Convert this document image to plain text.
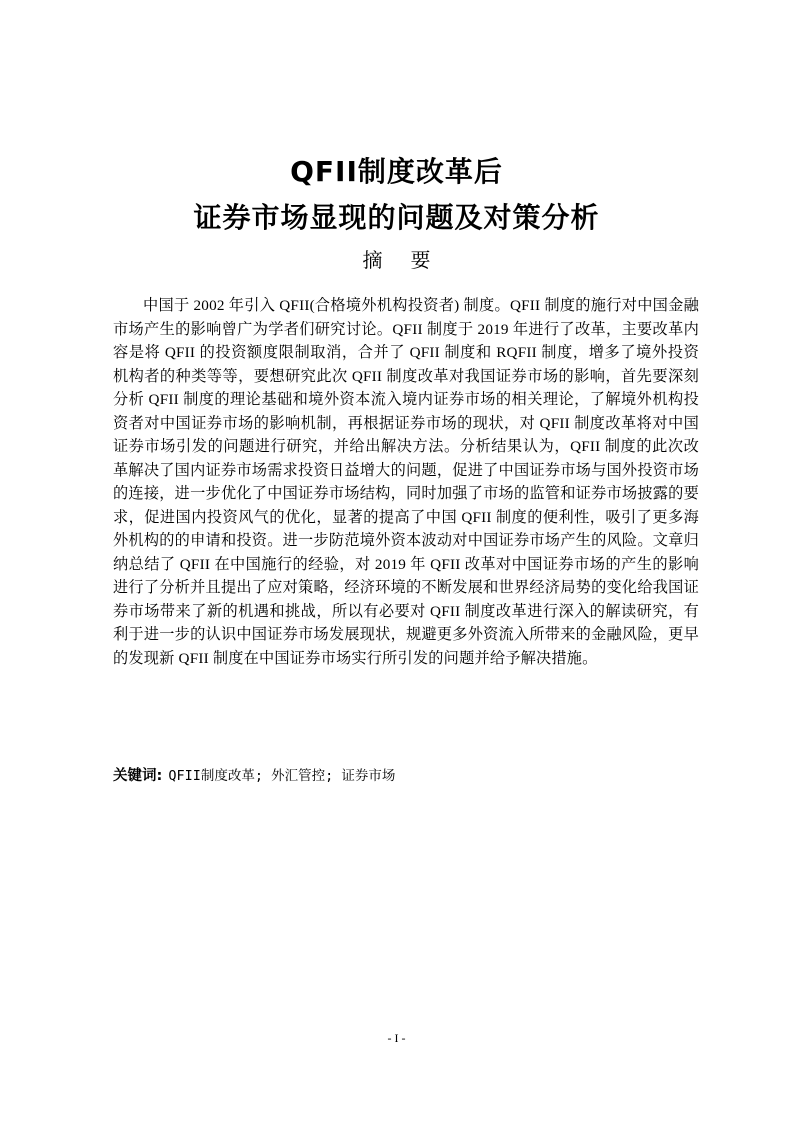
QFII制度改革后
证券市场显现的问题及对策分析
摘要

中国于 2002 年引入 QFII(合格境外机构投资者) 制度。QFII 制度的施行对中国金融市场产生的影响曾广为学者们研究讨论。QFII 制度于 2019 年进行了改革，主要改革内容是将 QFII 的投资额度限制取消，合并了 QFII 制度和 RQFII 制度，增多了境外投资机构者的种类等等，要想研究此次 QFII 制度改革对我国证券市场的影响，首先要深刻分析 QFII 制度的理论基础和境外资本流入境内证券市场的相关理论，了解境外机构投资者对中国证券市场的影响机制，再根据证券市场的现状，对 QFII 制度改革将对中国证券市场引发的问题进行研究，并给出解决方法。分析结果认为，QFII 制度的此次改革解决了国内证券市场需求投资日益增大的问题，促进了中国证券市场与国外投资市场的连接，进一步优化了中国证券市场结构，同时加强了市场的监管和证券市场披露的要求，促进国内投资风气的优化，显著的提高了中国 QFII 制度的便利性，吸引了更多海外机构的的申请和投资。进一步防范境外资本波动对中国证券市场产生的风险。文章归纳总结了 QFII 在中国施行的经验，对 2019 年 QFII 改革对中国证券市场的产生的影响进行了分析并且提出了应对策略，经济环境的不断发展和世界经济局势的变化给我国证券市场带来了新的机遇和挑战，所以有必要对 QFII 制度改革进行深入的解读研究，有利于进一步的认识中国证券市场发展现状，规避更多外资流入所带来的金融风险，更早的发现新 QFII 制度在中国证券市场实行所引发的问题并给予解决措施。

关键词: QFII制度改革; 外汇管控; 证券市场
- I -
